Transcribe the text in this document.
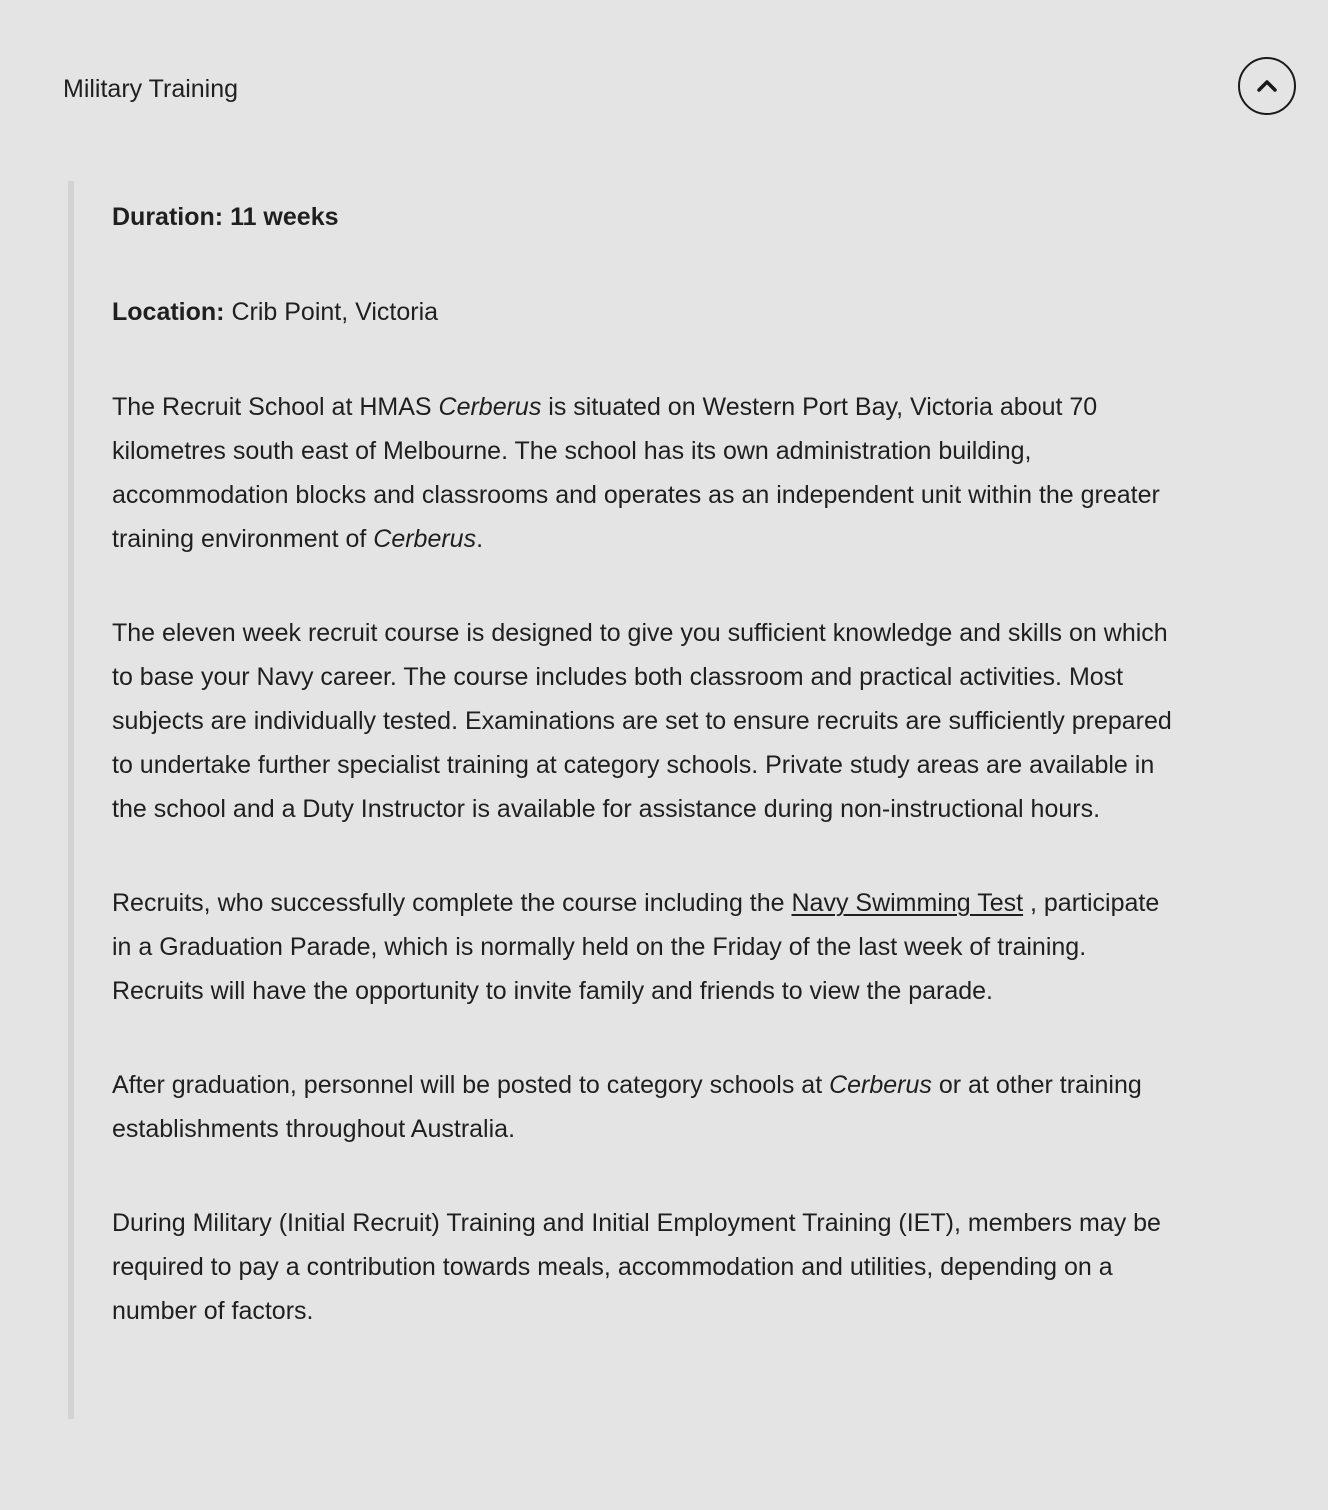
Military Training

Duration: 11 weeks

Location: Crib Point, Victoria

The Recruit School at HMAS Cerberus is situated on Western Port Bay, Victoria about 70 kilometres south east of Melbourne. The school has its own administration building, accommodation blocks and classrooms and operates as an independent unit within the greater training environment of Cerberus.

The eleven week recruit course is designed to give you sufficient knowledge and skills on which to base your Navy career. The course includes both classroom and practical activities. Most subjects are individually tested. Examinations are set to ensure recruits are sufficiently prepared to undertake further specialist training at category schools. Private study areas are available in the school and a Duty Instructor is available for assistance during non-instructional hours.

Recruits, who successfully complete the course including the Navy Swimming Test , participate in a Graduation Parade, which is normally held on the Friday of the last week of training. Recruits will have the opportunity to invite family and friends to view the parade.

After graduation, personnel will be posted to category schools at Cerberus or at other training establishments throughout Australia.

During Military (Initial Recruit) Training and Initial Employment Training (IET), members may be required to pay a contribution towards meals, accommodation and utilities, depending on a number of factors.
